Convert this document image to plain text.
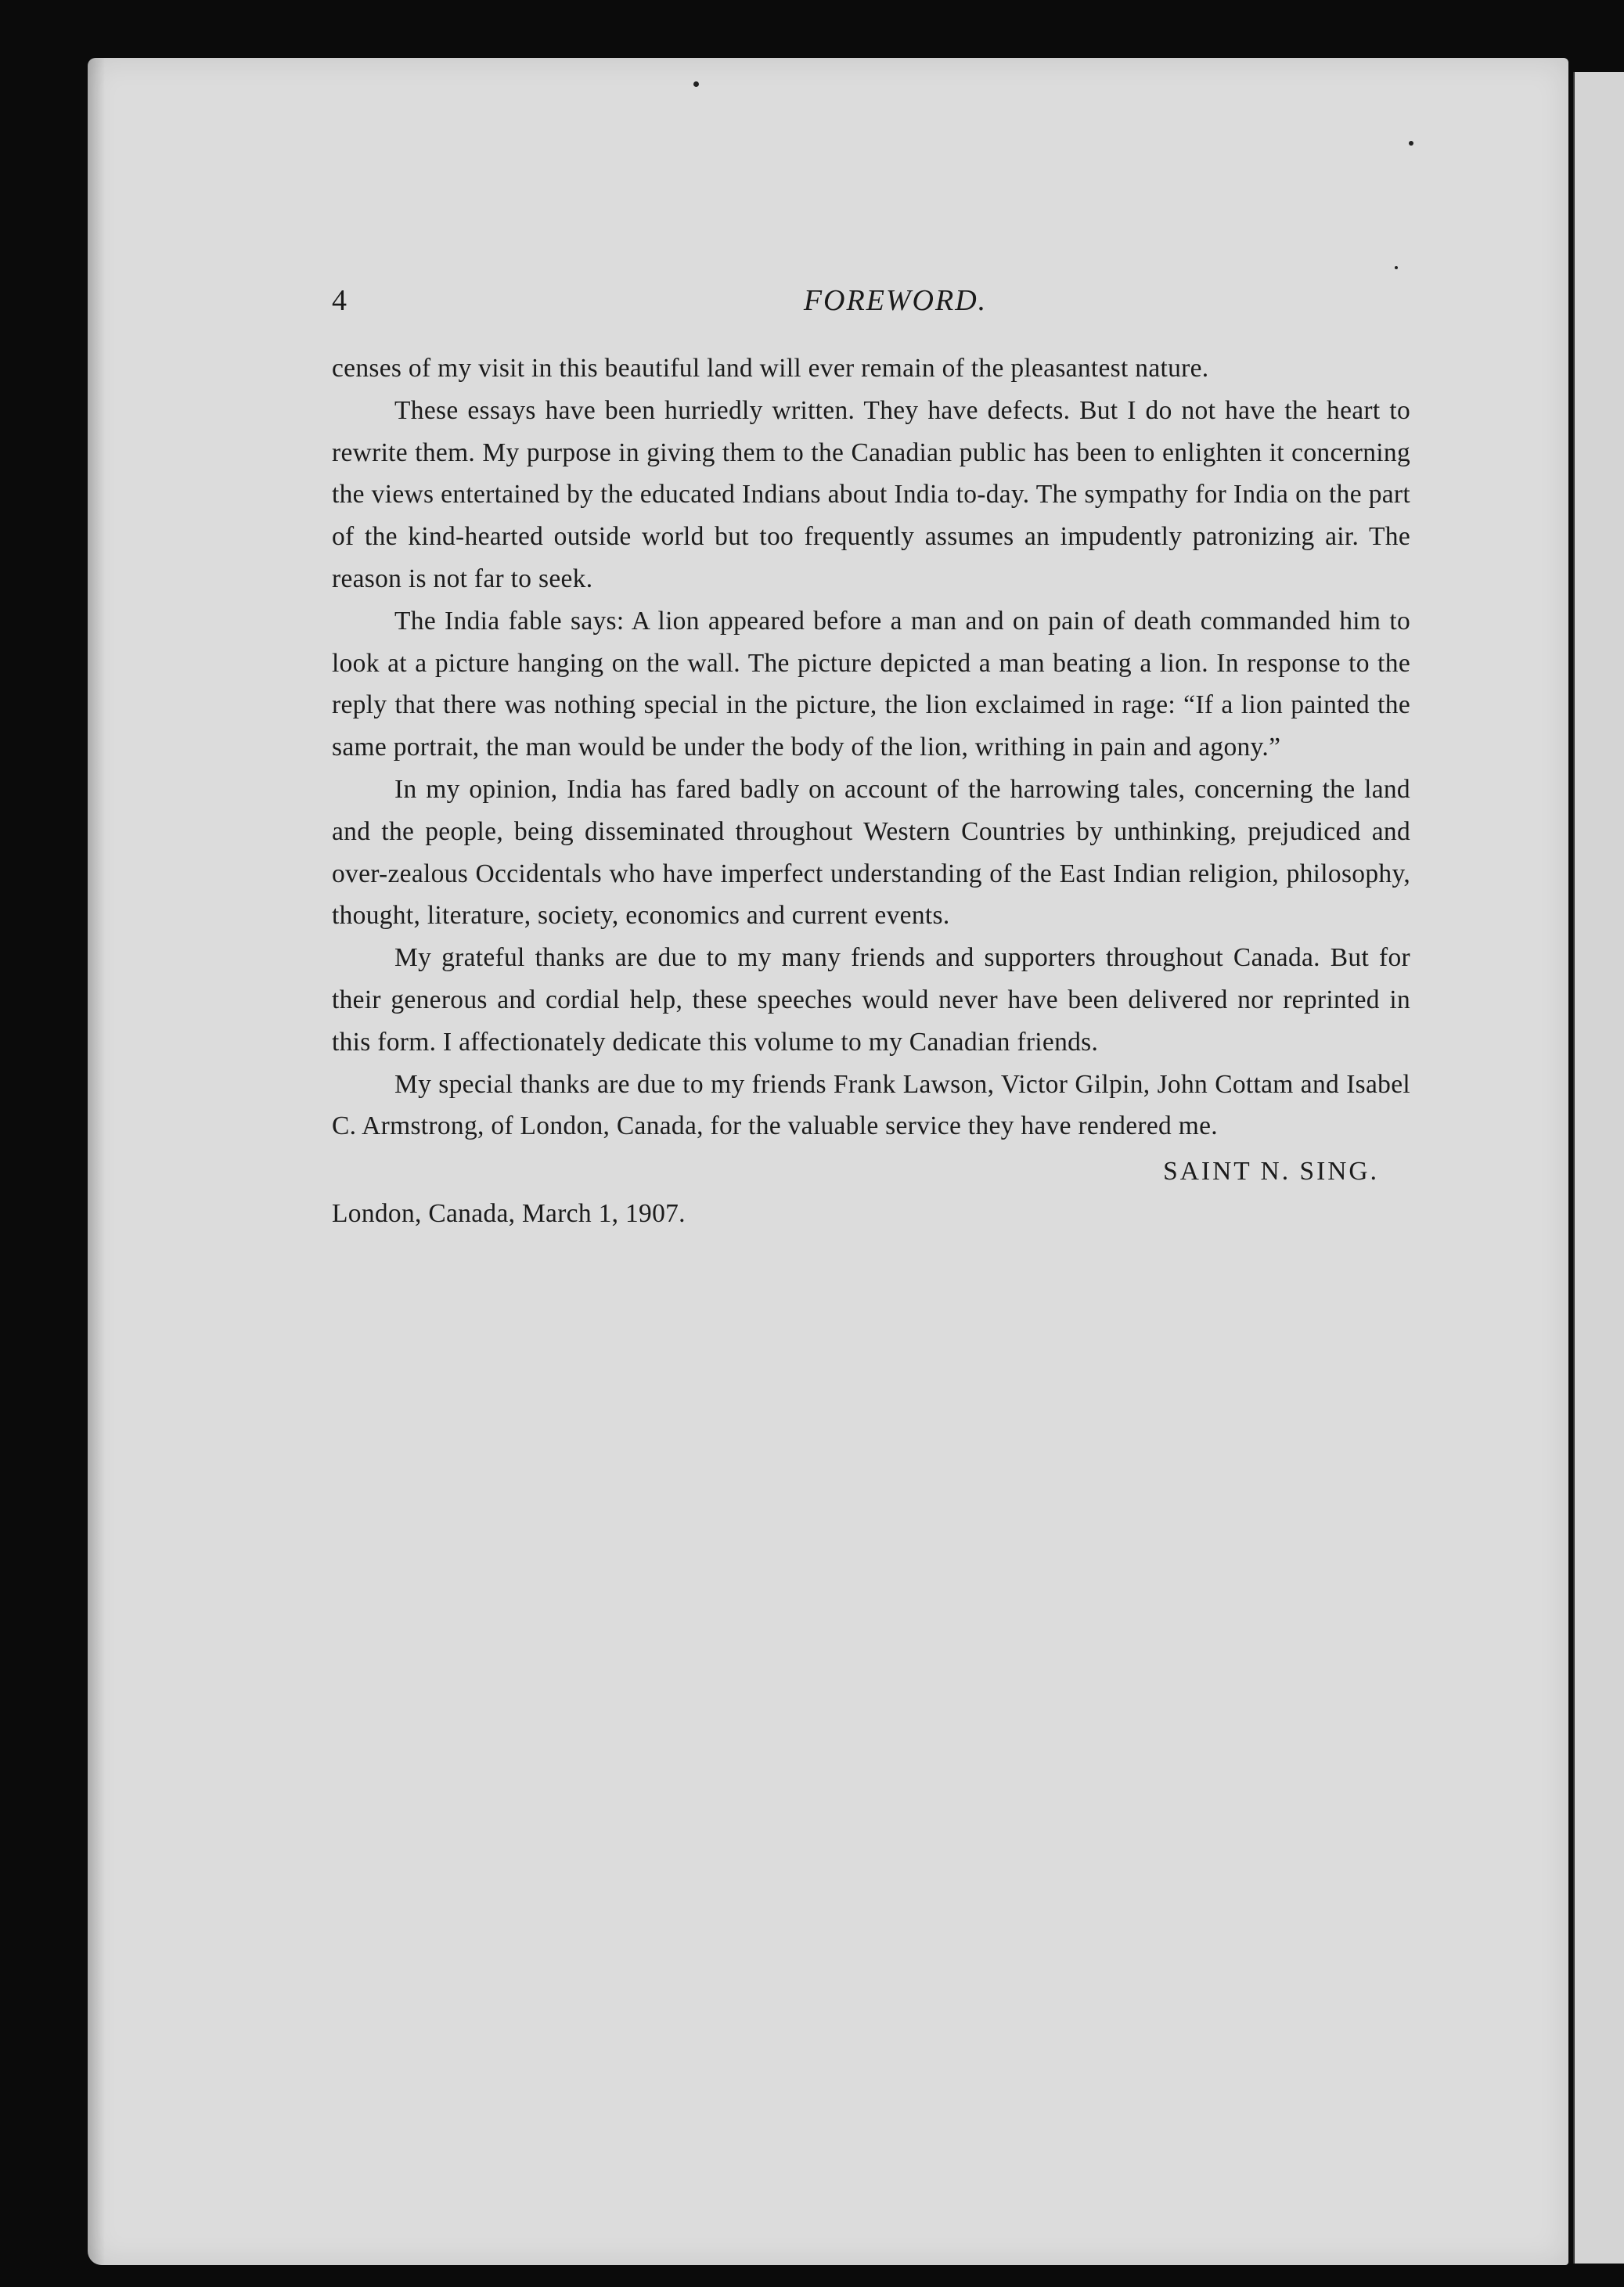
4	FOREWORD.

censes of my visit in this beautiful land will ever remain of the pleasantest nature.

These essays have been hurriedly written. They have defects. But I do not have the heart to rewrite them. My purpose in giving them to the Canadian public has been to enlighten it concerning the views entertained by the educated Indians about India to-day. The sympathy for India on the part of the kind-hearted outside world but too frequently assumes an impudently patronizing air. The reason is not far to seek.

The India fable says: A lion appeared before a man and on pain of death commanded him to look at a picture hanging on the wall. The picture depicted a man beating a lion. In response to the reply that there was nothing special in the picture, the lion exclaimed in rage: “If a lion painted the same portrait, the man would be under the body of the lion, writhing in pain and agony.”

In my opinion, India has fared badly on account of the harrowing tales, concerning the land and the people, being disseminated throughout Western Countries by unthinking, prejudiced and over-zealous Occidentals who have imperfect understanding of the East Indian religion, philosophy, thought, literature, society, economics and current events.

My grateful thanks are due to my many friends and supporters throughout Canada. But for their generous and cordial help, these speeches would never have been delivered nor reprinted in this form. I affectionately dedicate this volume to my Canadian friends.

My special thanks are due to my friends Frank Lawson, Victor Gilpin, John Cottam and Isabel C. Armstrong, of London, Canada, for the valuable service they have rendered me.

SAINT N. SING.

London, Canada, March 1, 1907.
